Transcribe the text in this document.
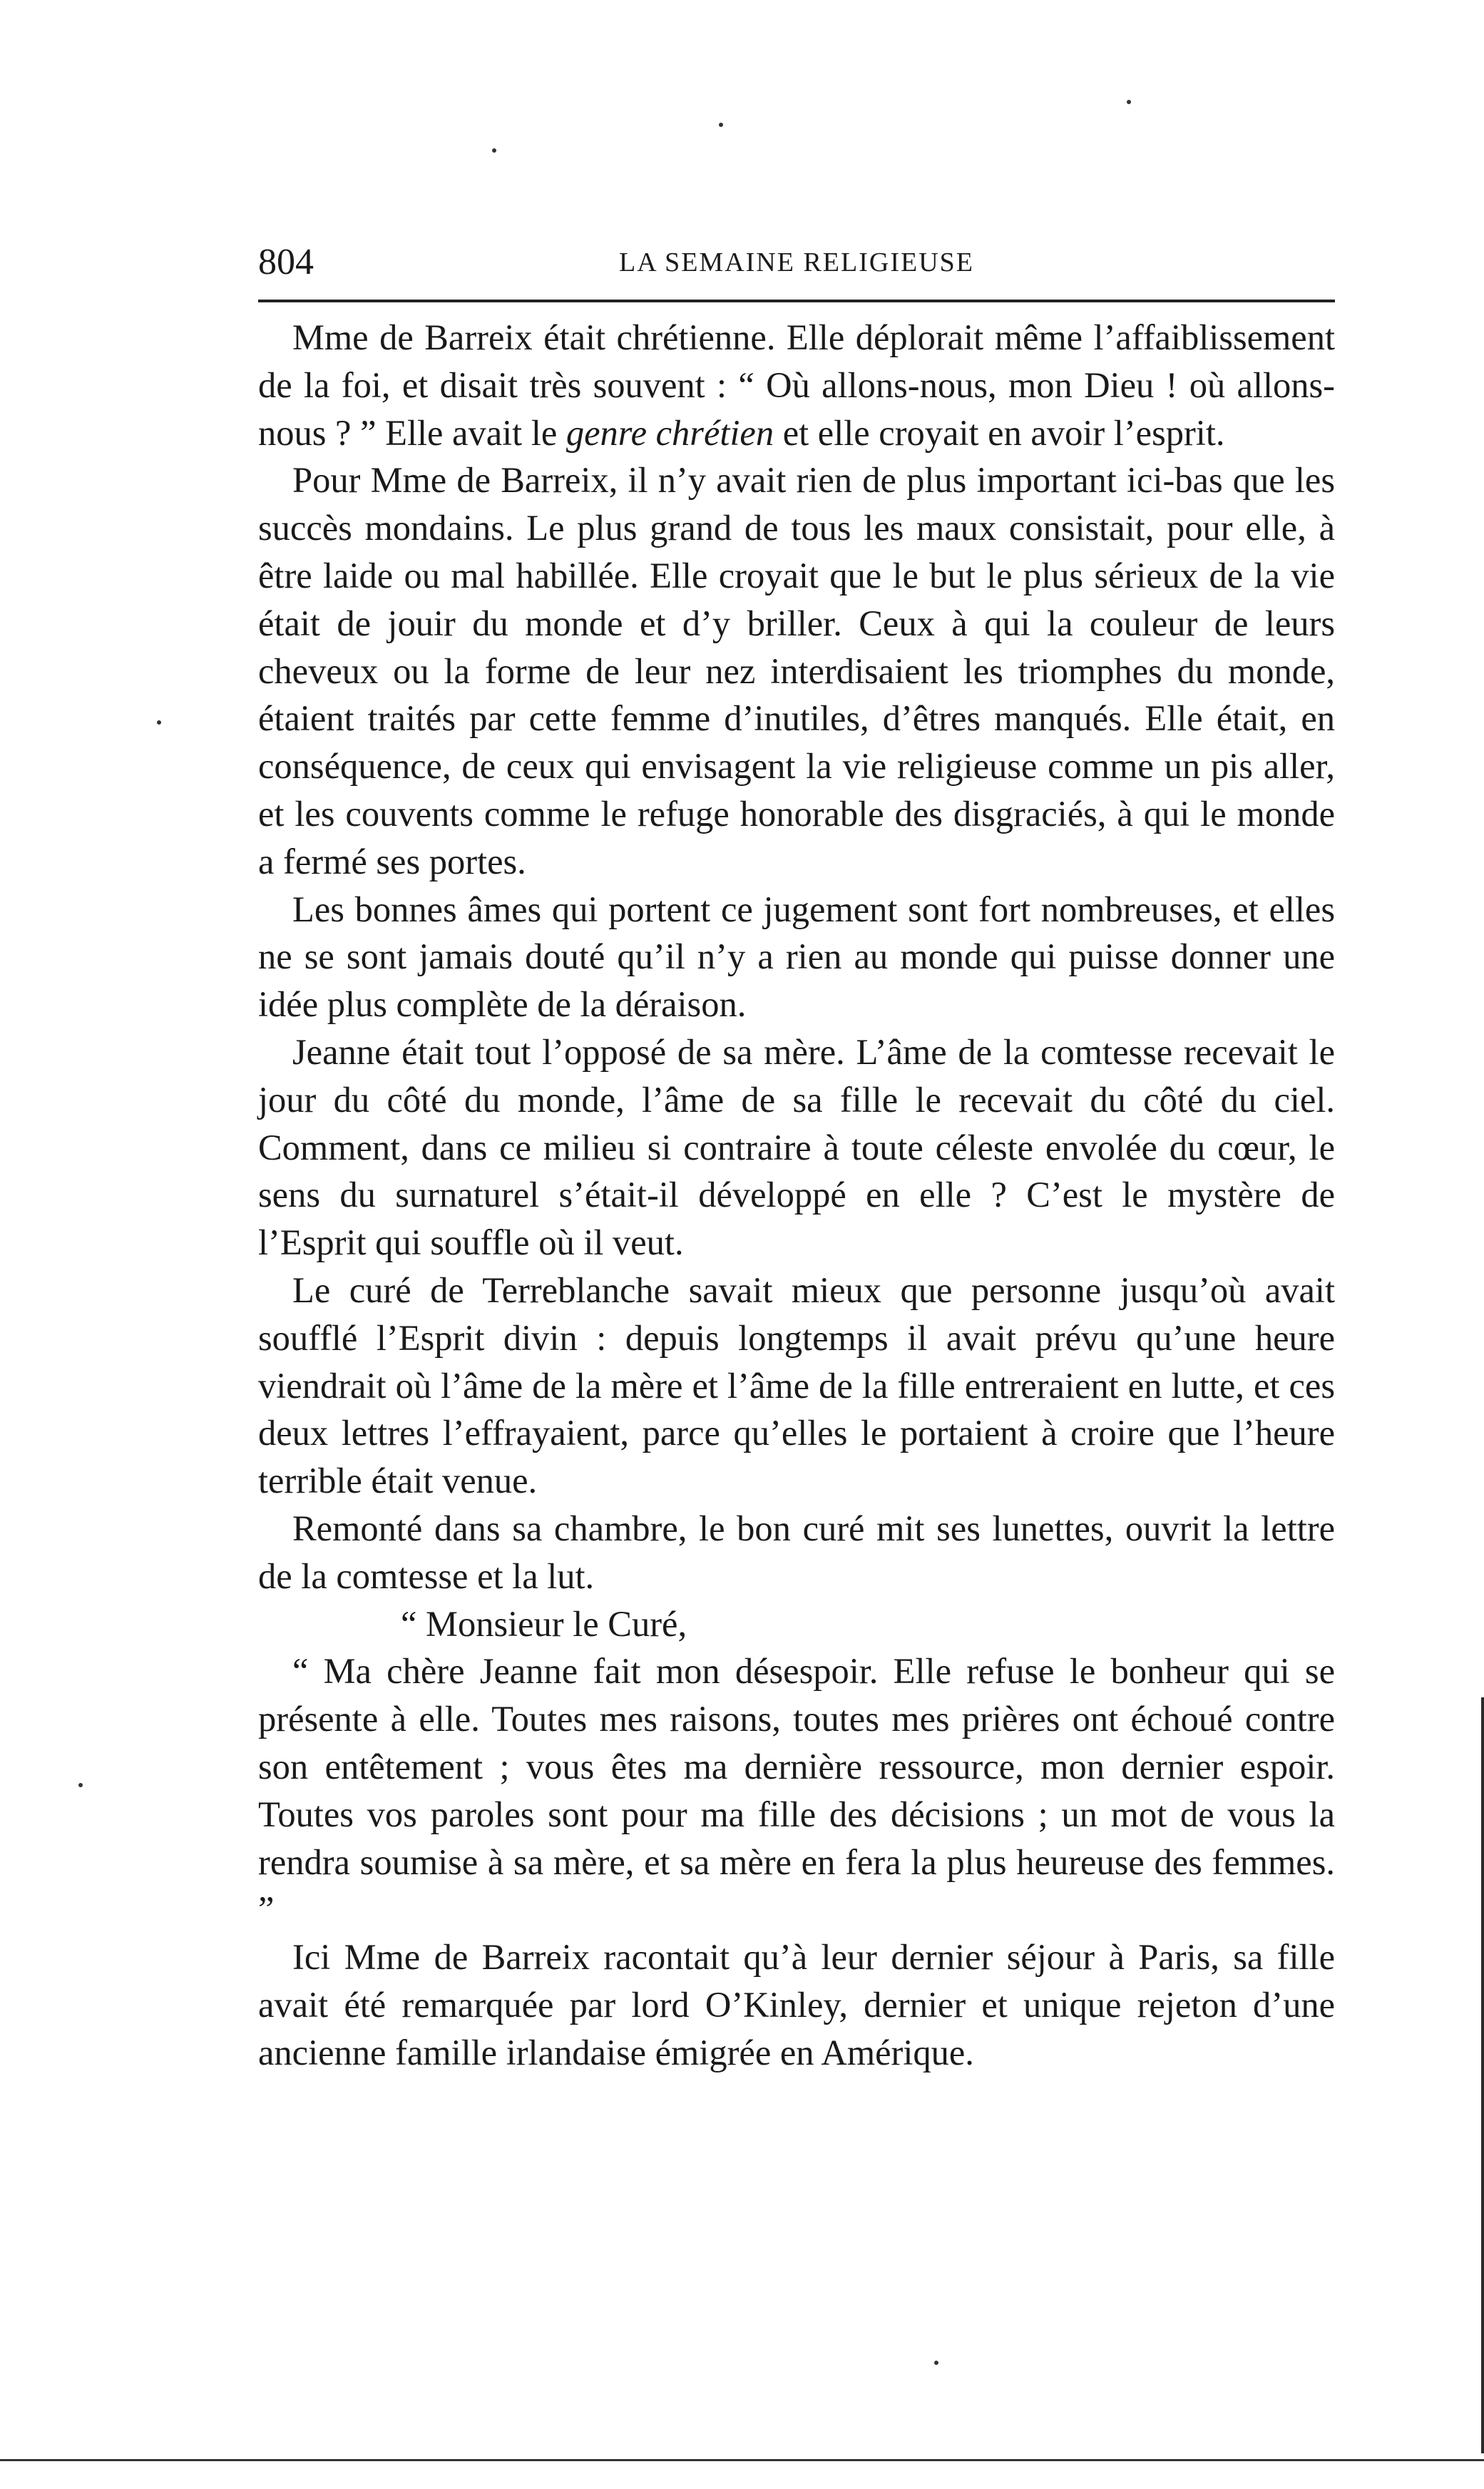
804	LA SEMAINE RELIGIEUSE

Mme de Barreix était chrétienne. Elle déplorait même l’affaiblissement de la foi, et disait très souvent : “ Où allons-nous, mon Dieu ! où allons-nous ? ” Elle avait le genre chrétien et elle croyait en avoir l’esprit.

Pour Mme de Barreix, il n’y avait rien de plus important ici-bas que les succès mondains. Le plus grand de tous les maux consistait, pour elle, à être laide ou mal habillée. Elle croyait que le but le plus sérieux de la vie était de jouir du monde et d’y briller. Ceux à qui la couleur de leurs cheveux ou la forme de leur nez interdisaient les triomphes du monde, étaient traités par cette femme d’inutiles, d’êtres manqués. Elle était, en conséquence, de ceux qui envisagent la vie religieuse comme un pis aller, et les couvents comme le refuge honorable des disgraciés, à qui le monde a fermé ses portes.

Les bonnes âmes qui portent ce jugement sont fort nombreuses, et elles ne se sont jamais douté qu’il n’y a rien au monde qui puisse donner une idée plus complète de la déraison.

Jeanne était tout l’opposé de sa mère. L’âme de la comtesse recevait le jour du côté du monde, l’âme de sa fille le recevait du côté du ciel. Comment, dans ce milieu si contraire à toute céleste envolée du cœur, le sens du surnaturel s’était-il développé en elle ? C’est le mystère de l’Esprit qui souffle où il veut.

Le curé de Terreblanche savait mieux que personne jusqu’où avait soufflé l’Esprit divin : depuis longtemps il avait prévu qu’une heure viendrait où l’âme de la mère et l’âme de la fille entreraient en lutte, et ces deux lettres l’effrayaient, parce qu’elles le portaient à croire que l’heure terrible était venue.

Remonté dans sa chambre, le bon curé mit ses lunettes, ouvrit la lettre de la comtesse et la lut.

“ Monsieur le Curé,

“ Ma chère Jeanne fait mon désespoir. Elle refuse le bonheur qui se présente à elle. Toutes mes raisons, toutes mes prières ont échoué contre son entêtement ; vous êtes ma dernière ressource, mon dernier espoir. Toutes vos paroles sont pour ma fille des décisions ; un mot de vous la rendra soumise à sa mère, et sa mère en fera la plus heureuse des femmes. ”

Ici Mme de Barreix racontait qu’à leur dernier séjour à Paris, sa fille avait été remarquée par lord O’Kinley, dernier et unique rejeton d’une ancienne famille irlandaise émigrée en Amérique.
